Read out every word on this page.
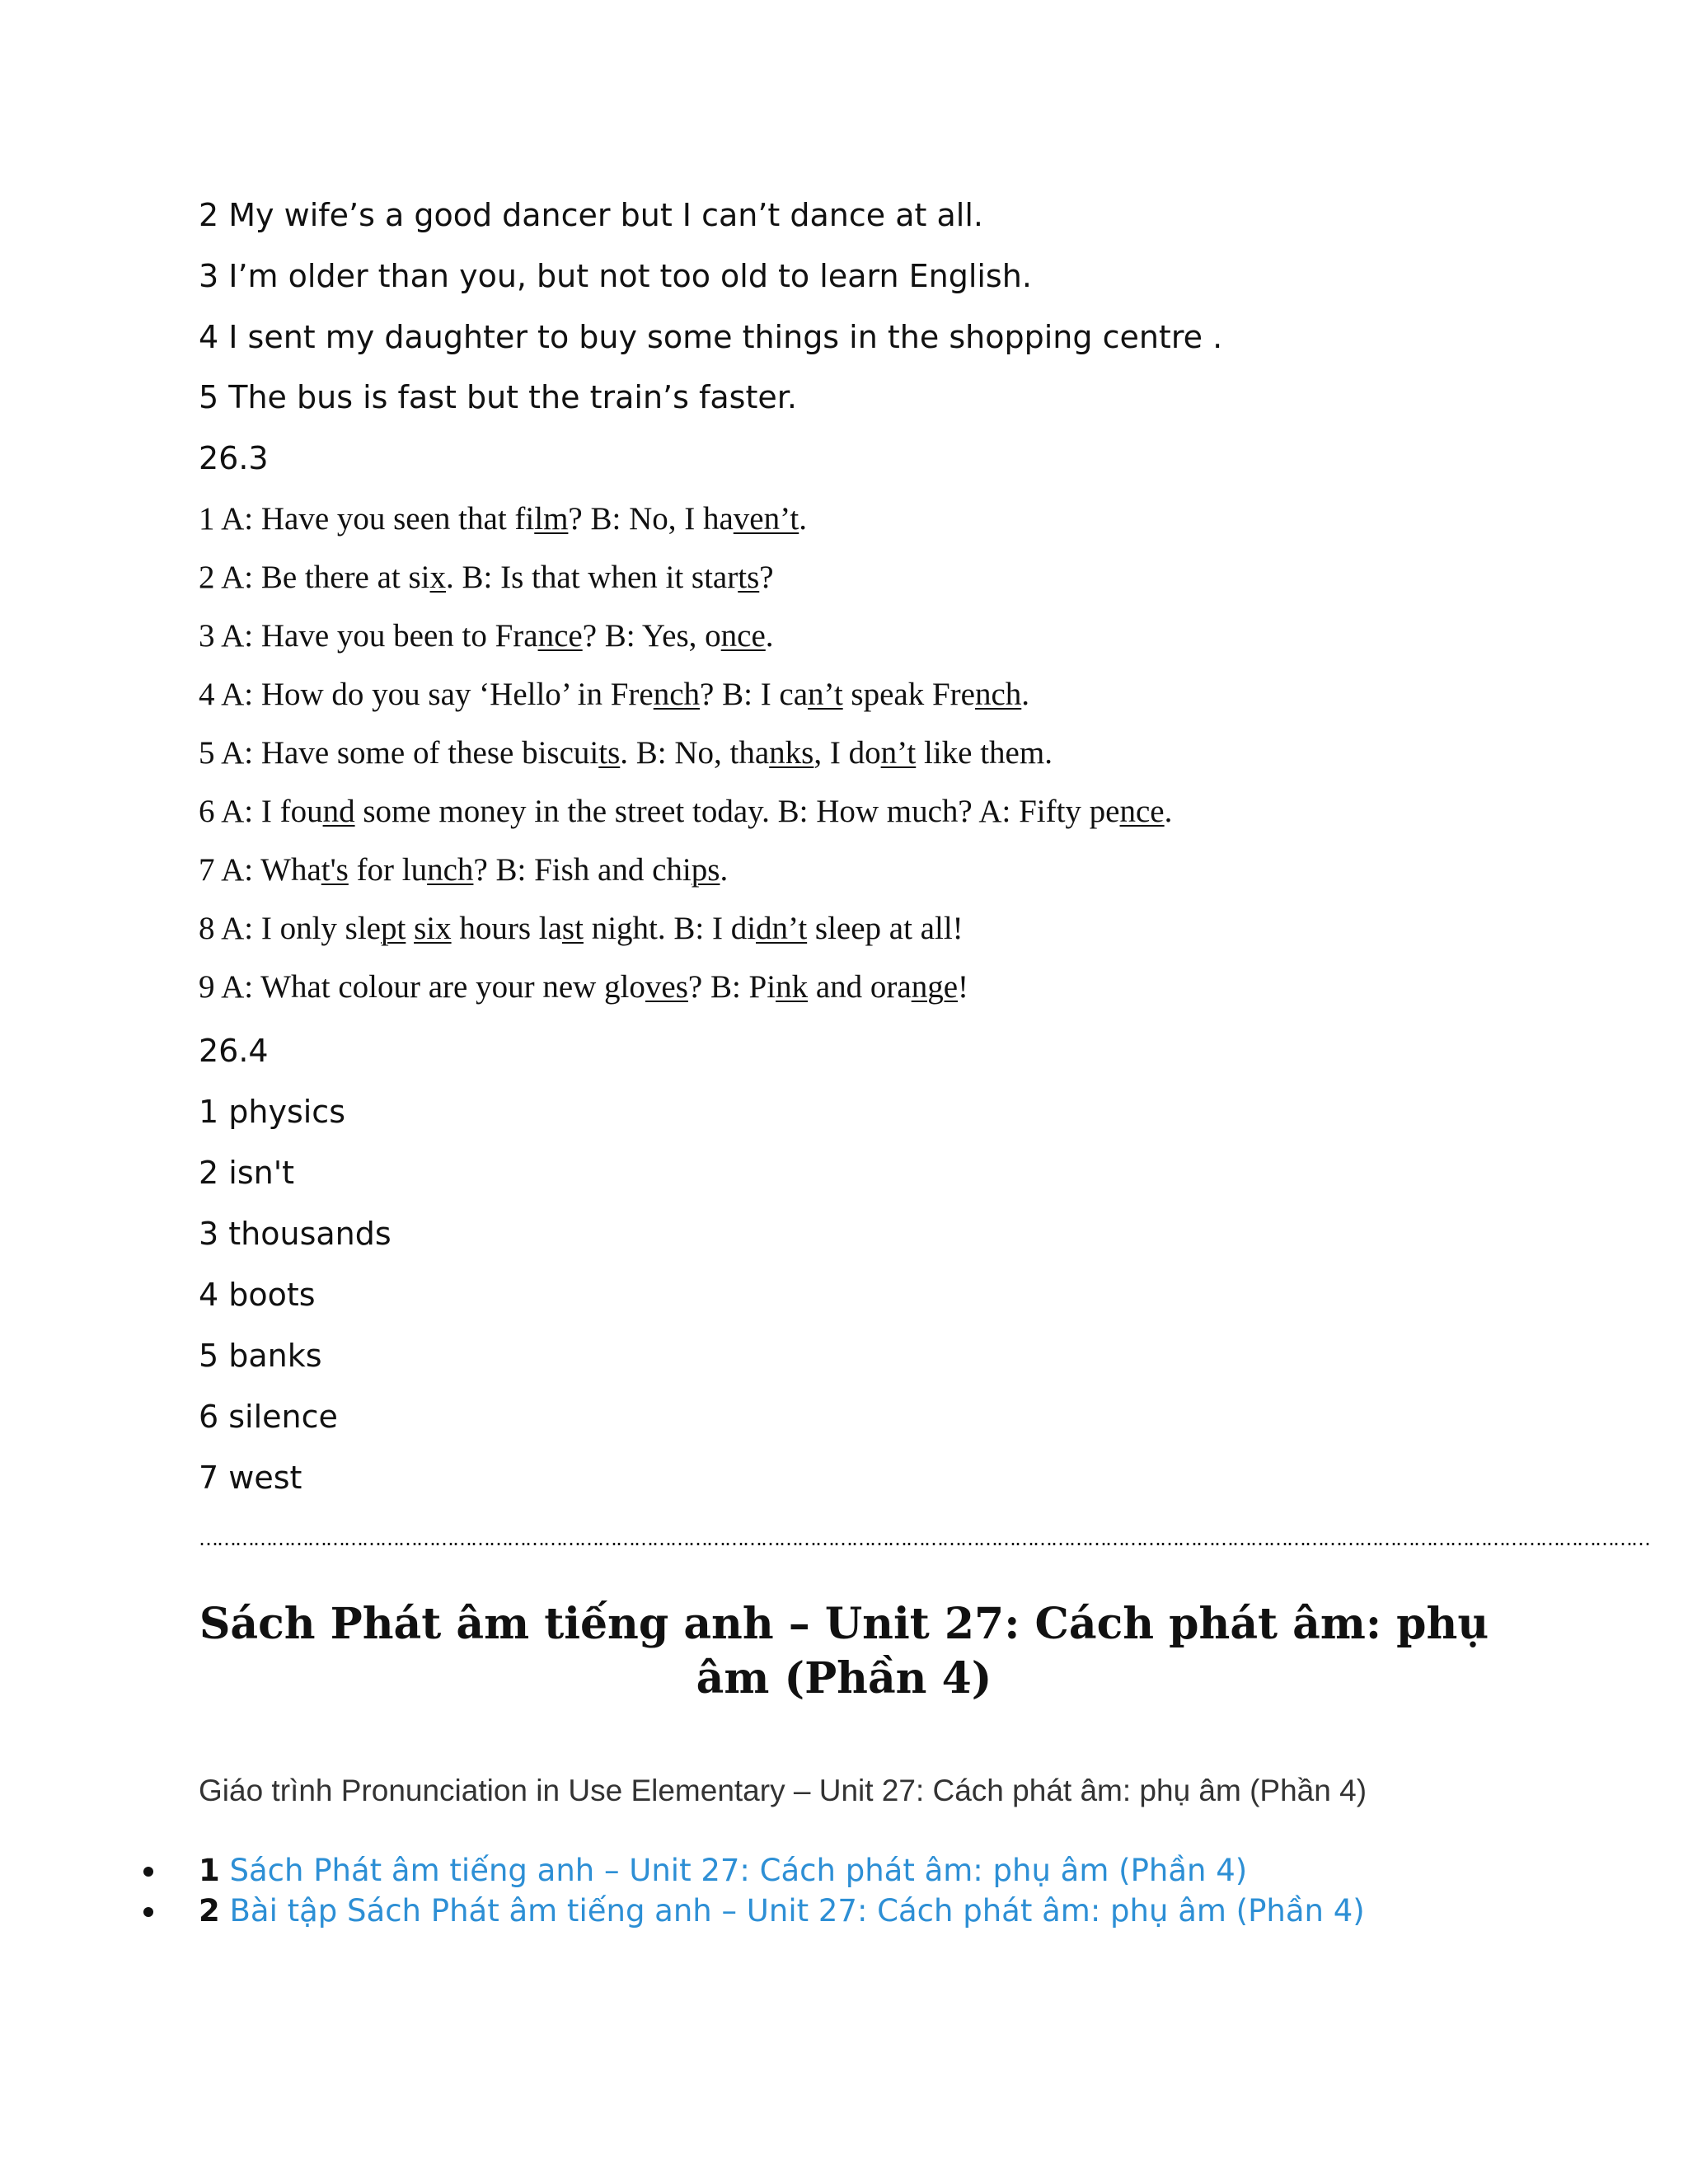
2 My wife’s a good dancer but I can’t dance at all.
3 I’m older than you, but not too old to learn English.
4 I sent my daughter to buy some things in the shopping centre .
5 The bus is fast but the train’s faster.
26.3
1 A: Have you seen that film? B: No, I haven’t.
2 A: Be there at six. B: Is that when it starts?
3 A: Have you been to France? B: Yes, once.
4 A: How do you say ‘Hello’ in French? B: I can’t speak French.
5 A: Have some of these biscuits. B: No, thanks, I don’t like them.
6 A: I found some money in the street today. B: How much? A: Fifty pence.
7 A: What's for lunch? B: Fish and chips.
8 A: I only slept six hours last night. B: I didn’t sleep at all!
9 A: What colour are your new gloves? B: Pink and orange!
26.4
1 physics
2 isn't
3 thousands
4 boots
5 banks
6 silence
7 west
……………………………………………………………………………………………………………………………………………………………………………………………………………………
Sách Phát âm tiếng anh – Unit 27: Cách phát âm: phụ âm (Phần 4)
Giáo trình Pronunciation in Use Elementary – Unit 27: Cách phát âm: phụ âm (Phần 4)
1 Sách Phát âm tiếng anh – Unit 27: Cách phát âm: phụ âm (Phần 4)
2 Bài tập Sách Phát âm tiếng anh – Unit 27: Cách phát âm: phụ âm (Phần 4)
